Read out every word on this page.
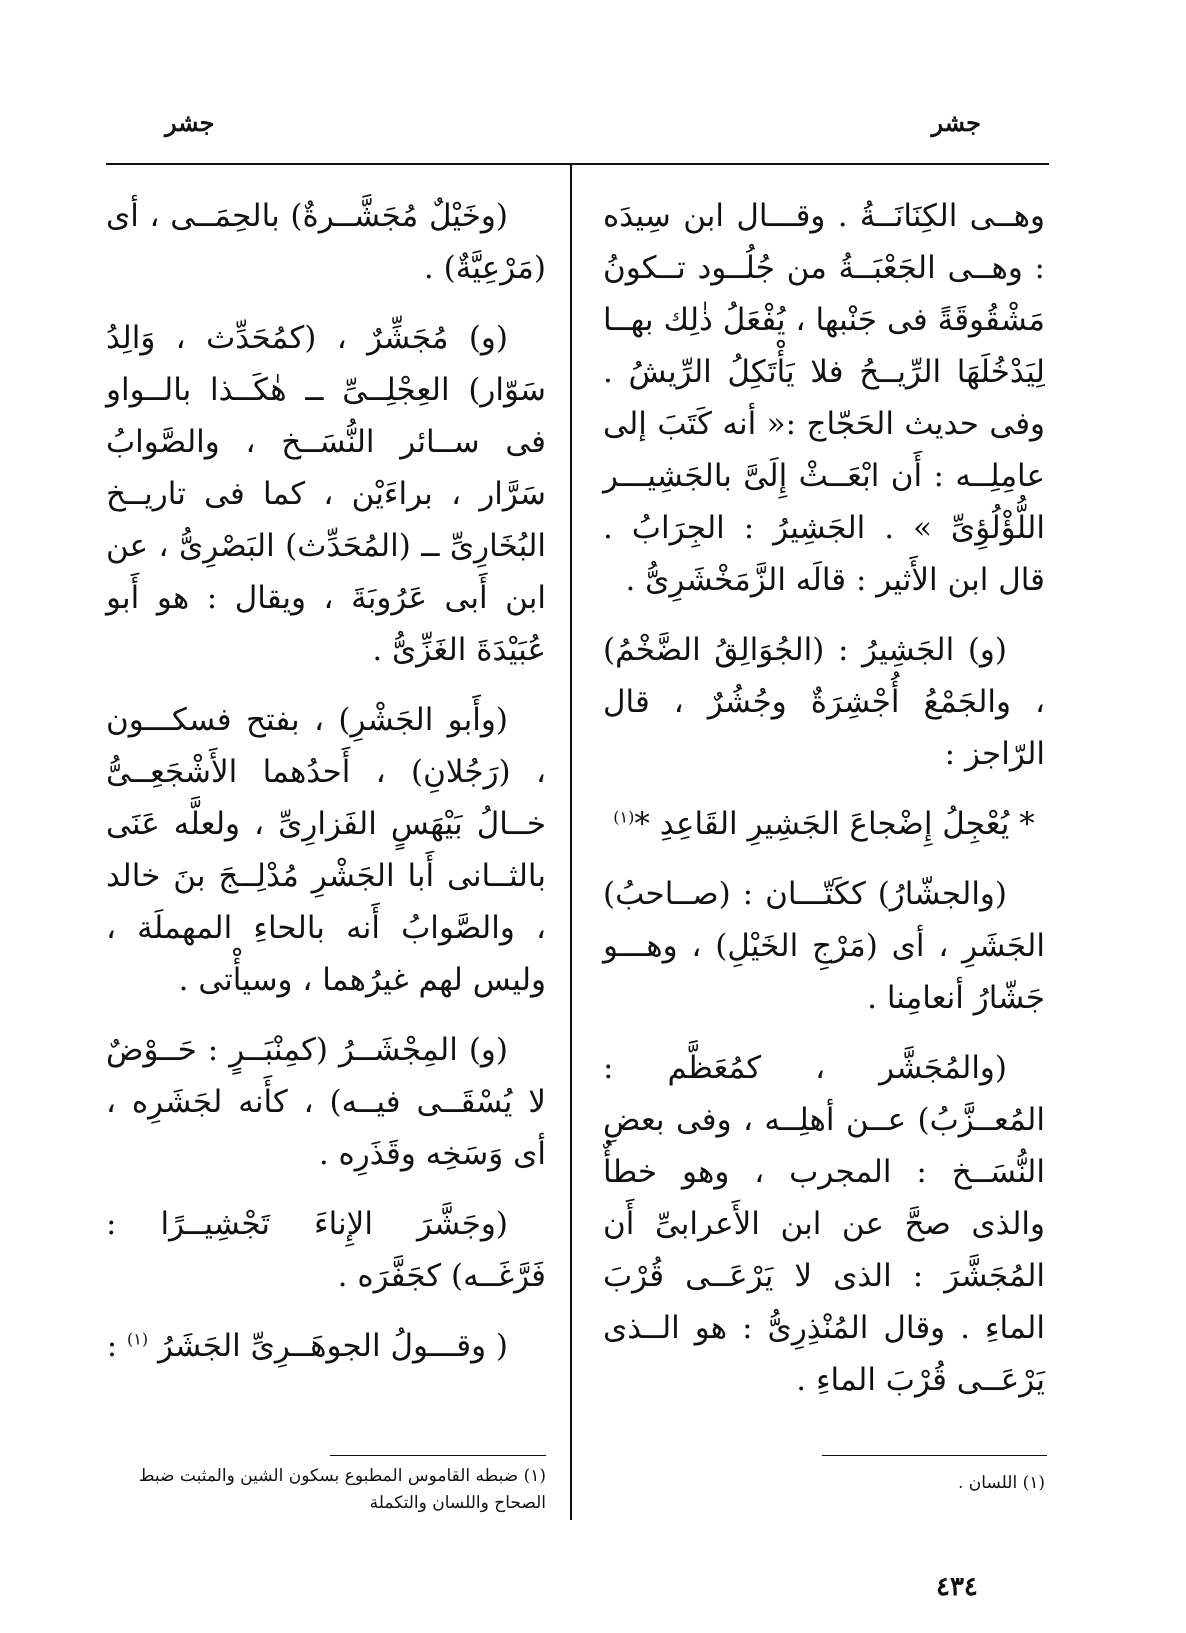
جشر
جشر

وهــى الكِنَانَــةُ . وقـــال ابن سِيدَه : وهــى الجَعْبَــةُ من جُلُــود تــكونُ مَشْقُوقَةً فى جَنْبها ، يُفْعَلُ ذٰلِك بهــا لِيَدْخُلَهَا الرِّيــحُ فلا يَأْتَكِلُ الرِّيشُ . وفى حديث الحَجّاج :« أنه كَتَبَ إلى عامِلِــه : أَن ابْعَــثْ إِلَىَّ بالجَشِيـــر اللُّؤْلُؤِىِّ » . الجَشِيرُ : الجِرَابُ . قال ابن الأَثير : قالَه الزَّمَخْشَرِىُّ .

(و) الجَشِيرُ : (الجُوَالِقُ الضَّخْمُ) ، والجَمْعُ أُجْشِرَةٌ وجُشُرٌ ، قال الرّاجز :

* يُعْجِلُ إِضْجاعَ الجَشِيرِ القَاعِدِ *$^{(١)}$

(والجشّارُ) ككَتّـــان : (صــاحبُ) الجَشَرِ ، أى (مَرْجِ الخَيْلِ) ، وهـــو جَشّارُ أنعامِنا .

(والمُجَشَّر ، كمُعَظَّم : المُعــزَّبُ) عــن أهلِــه ، وفى بعضِ النُّسَــخ : المجرب ، وهو خطأٌ والذى صحَّ عن ابن الأَعرابىِّ أَن المُجَشَّرَ : الذى لا يَرْعَــى قُرْبَ الماءِ . وقال المُنْذِرِىُّ : هو الــذى يَرْعَــى قُرْبَ الماءِ .

(وخَيْلٌ مُجَشَّــرةٌ) بالحِمَــى ، أى (مَرْعِيَّةٌ) .

(و) مُجَشِّرٌ ، (كمُحَدِّث ، وَالِدُ سَوّار) العِجْلِــىِّ ــ هٰكَــذا بالــواو فى ســائر النُّسَــخ ، والصَّوابُ سَرَّار ، براءَيْن ، كما فى تاريــخ البُخَارِىِّ ــ (المُحَدِّث) البَصْرِىُّ ، عن ابن أَبى عَرُوبَةَ ، ويقال : هو أَبو عُبَيْدَةَ الغَزِّىُّ .

(وأَبو الجَشْرِ) ، بفتح فسكـــون ، (رَجُلانِ) ، أَحدُهما الأَشْجَعِــىُّ خــالُ بَيْهَسٍ الفَزارِىِّ ، ولعلَّه عَنَى بالثــانى أَبا الجَشْرِ مُدْلِــجَ بنَ خالد ، والصَّوابُ أَنه بالحاءِ المهملَة ، وليس لهم غيرُهما ، وسيأْتى .

(و) المِجْشَــرُ (كمِنْبَــرٍ : حَــوْضٌ لا يُسْقَــى فيــه) ، كأَنه لجَشَرِه ، أى وَسَخِه وقَذَرِه .

(وجَشَّرَ الإِناءَ تَجْشِيــرًا : فَرَّغَــه) كجَفَّرَه .

( وقـــولُ الجوهَــرِىِّ الجَشَرُ $^{(١)}$ :

(١) اللسان .
(١) ضبطه القاموس المطبوع بسكون الشين والمثبت ضبط الصحاح واللسان والتكملة
٤٣٤
